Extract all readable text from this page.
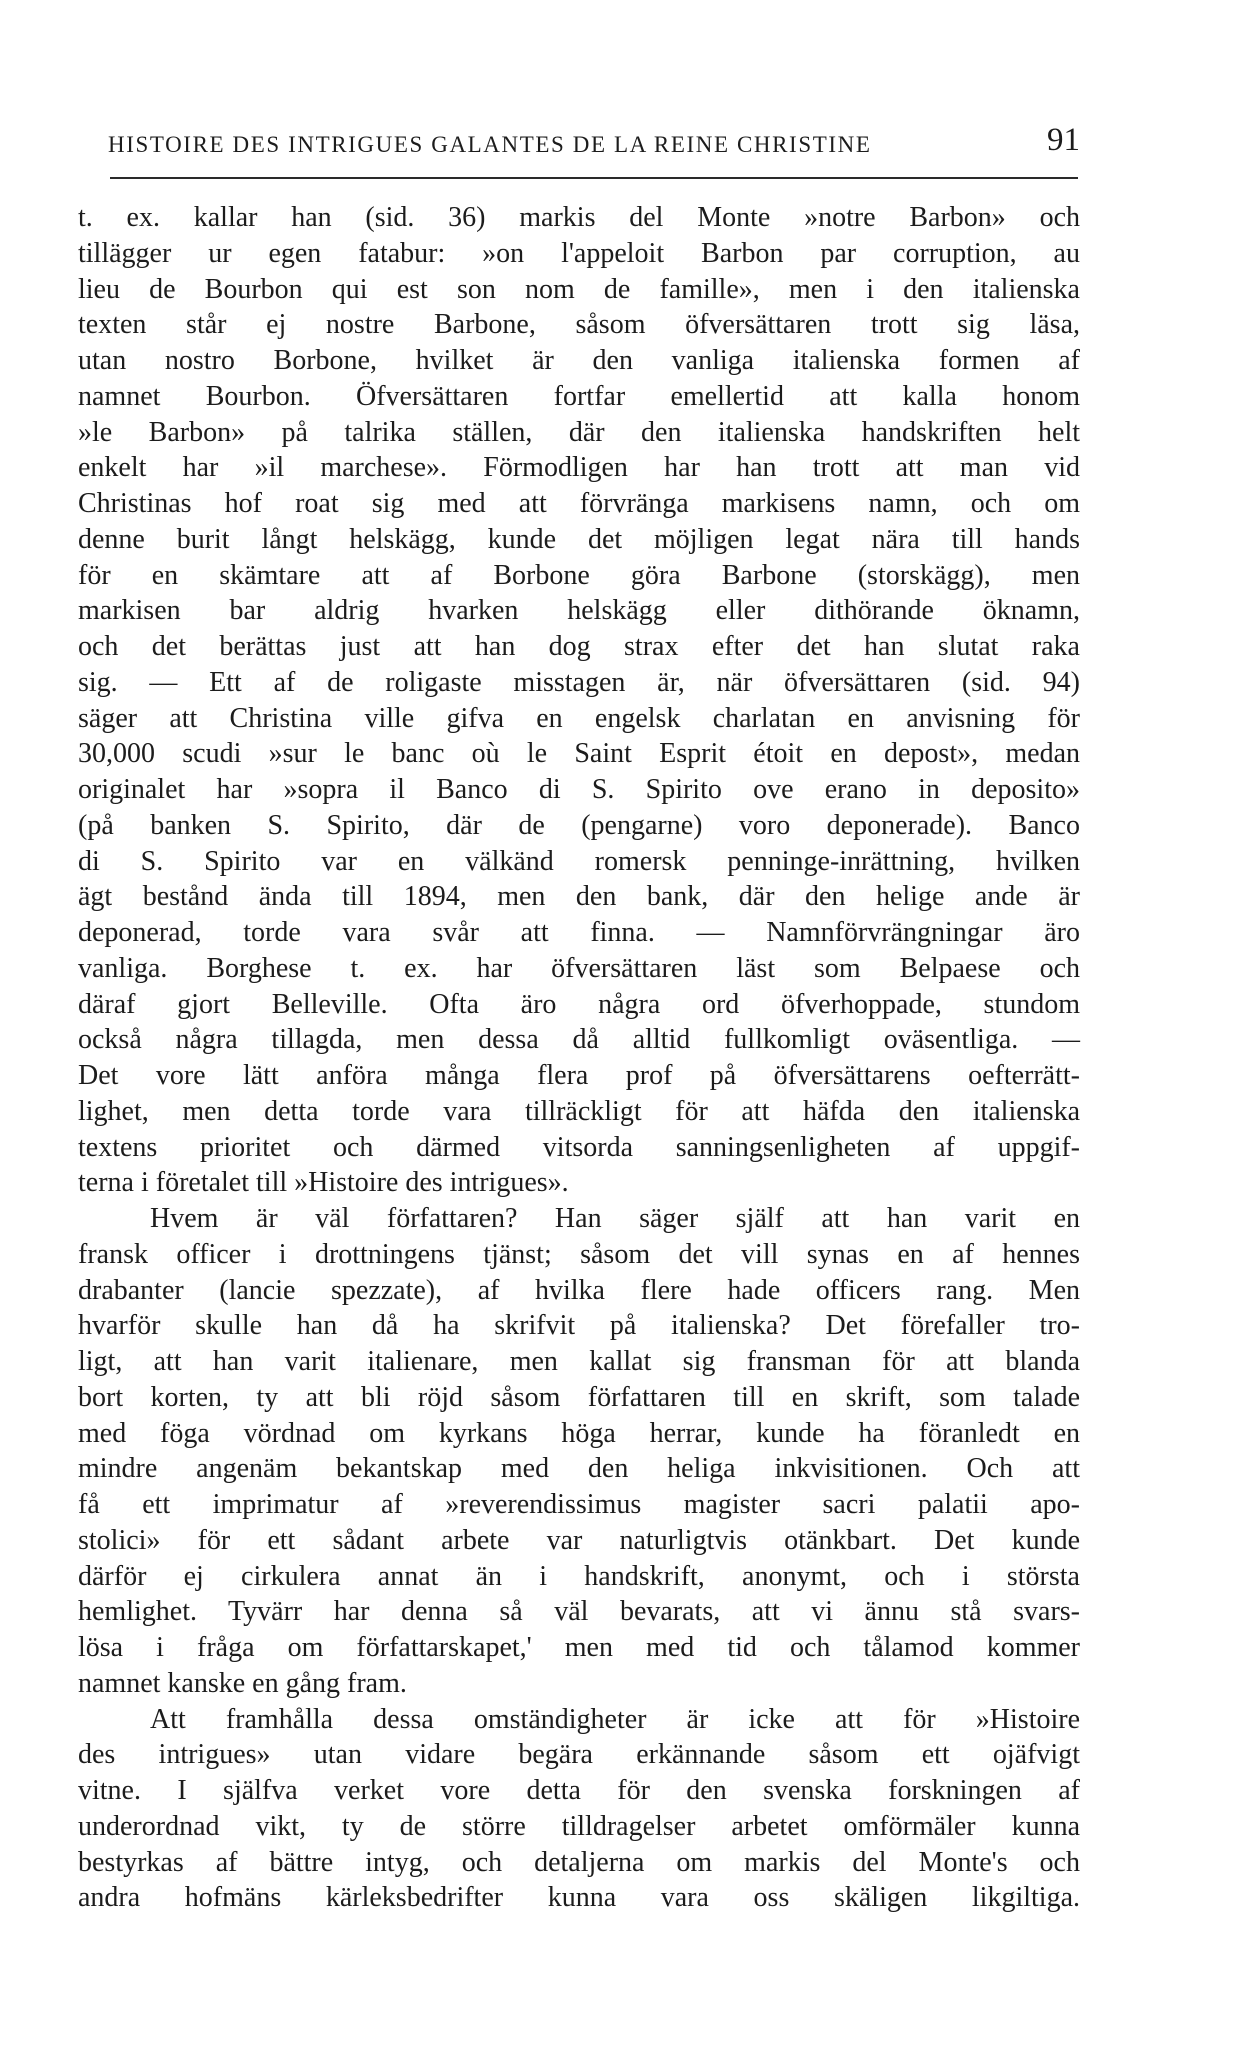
HISTOIRE DES INTRIGUES GALANTES DE LA REINE CHRISTINE	91
t. ex. kallar han (sid. 36) markis del Monte »notre Barbon» och
tillägger ur egen fatabur: »on l'appeloit Barbon par corruption, au
lieu de Bourbon qui est son nom de famille», men i den italienska
texten står ej nostre Barbone, såsom öfversättaren trott sig läsa,
utan nostro Borbone, hvilket är den vanliga italienska formen af
namnet Bourbon. Öfversättaren fortfar emellertid att kalla honom
»le Barbon» på talrika ställen, där den italienska handskriften helt
enkelt har »il marchese». Förmodligen har han trott att man vid
Christinas hof roat sig med att förvränga markisens namn, och om
denne burit långt helskägg, kunde det möjligen legat nära till hands
för en skämtare att af Borbone göra Barbone (storskägg), men
markisen bar aldrig hvarken helskägg eller dithörande öknamn,
och det berättas just att han dog strax efter det han slutat raka
sig. — Ett af de roligaste misstagen är, när öfversättaren (sid. 94)
säger att Christina ville gifva en engelsk charlatan en anvisning för
30,000 scudi »sur le banc où le Saint Esprit étoit en depost», medan
originalet har »sopra il Banco di S. Spirito ove erano in deposito»
(på banken S. Spirito, där de (pengarne) voro deponerade). Banco
di S. Spirito var en välkänd romersk penninge-inrättning, hvilken
ägt bestånd ända till 1894, men den bank, där den helige ande är
deponerad, torde vara svår att finna. — Namnförvrängningar äro
vanliga. Borghese t. ex. har öfversättaren läst som Belpaese och
däraf gjort Belleville. Ofta äro några ord öfverhoppade, stundom
också några tillagda, men dessa då alltid fullkomligt oväsentliga. —
Det vore lätt anföra många flera prof på öfversättarens oefterrätt-
lighet, men detta torde vara tillräckligt för att häfda den italienska
textens prioritet och därmed vitsorda sanningsenligheten af uppgif-
terna i företalet till »Histoire des intrigues».
Hvem är väl författaren? Han säger själf att han varit en
fransk officer i drottningens tjänst; såsom det vill synas en af hennes
drabanter (lancie spezzate), af hvilka flere hade officers rang. Men
hvarför skulle han då ha skrifvit på italienska? Det förefaller tro-
ligt, att han varit italienare, men kallat sig fransman för att blanda
bort korten, ty att bli röjd såsom författaren till en skrift, som talade
med föga vördnad om kyrkans höga herrar, kunde ha föranledt en
mindre angenäm bekantskap med den heliga inkvisitionen. Och att
få ett imprimatur af »reverendissimus magister sacri palatii apo-
stolici» för ett sådant arbete var naturligtvis otänkbart. Det kunde
därför ej cirkulera annat än i handskrift, anonymt, och i största
hemlighet. Tyvärr har denna så väl bevarats, att vi ännu stå svars-
lösa i fråga om författarskapet,' men med tid och tålamod kommer
namnet kanske en gång fram.
Att framhålla dessa omständigheter är icke att för »Histoire
des intrigues» utan vidare begära erkännande såsom ett ojäfvigt
vitne. I själfva verket vore detta för den svenska forskningen af
underordnad vikt, ty de större tilldragelser arbetet omförmäler kunna
bestyrkas af bättre intyg, och detaljerna om markis del Monte's och
andra hofmäns kärleksbedrifter kunna vara oss skäligen likgiltiga.
